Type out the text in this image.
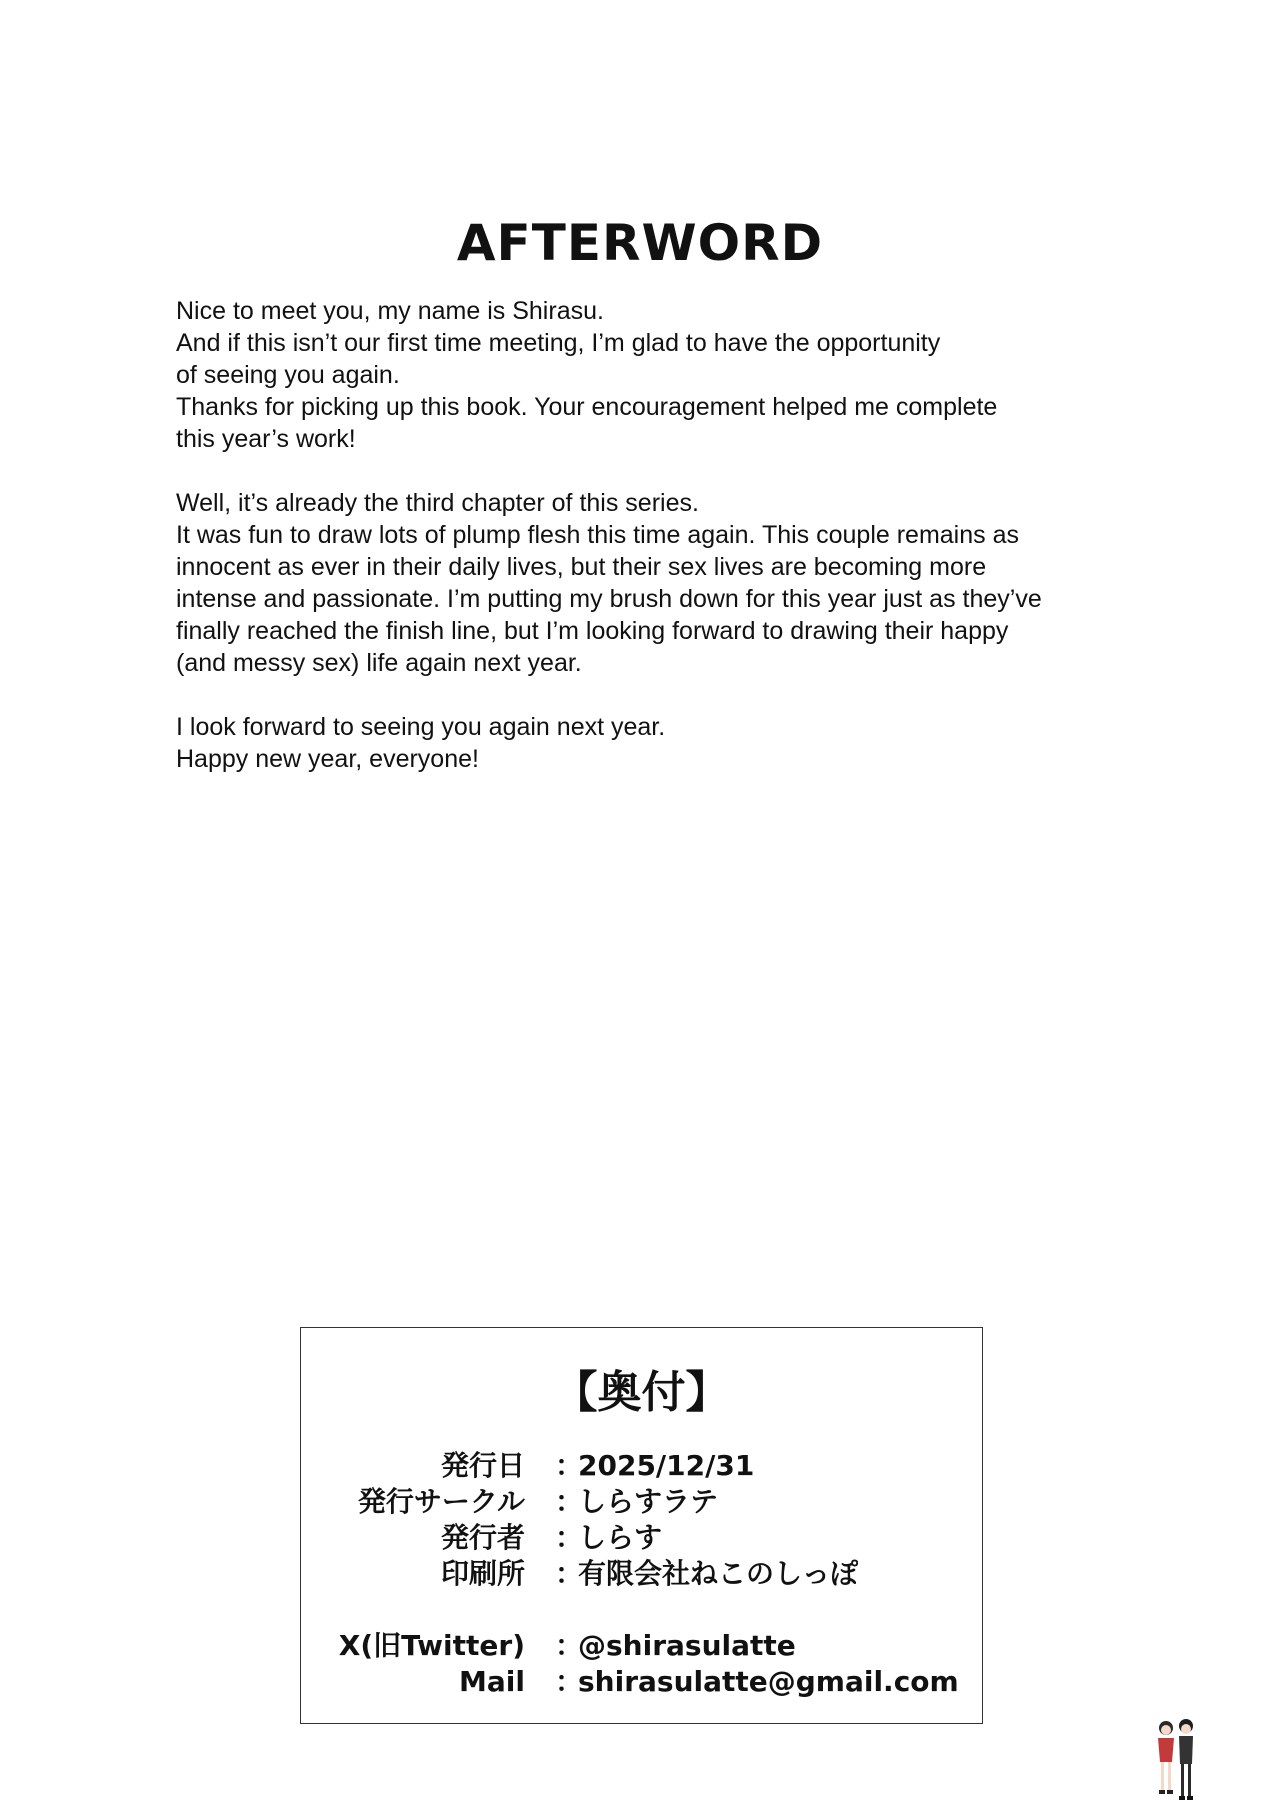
AFTERWORD

Nice to meet you, my name is Shirasu.
And if this isn’t our first time meeting, I’m glad to have the opportunity
of seeing you again.
Thanks for picking up this book. Your encouragement helped me complete
this year’s work!

Well, it’s already the third chapter of this series.
It was fun to draw lots of plump flesh this time again. This couple remains as
innocent as ever in their daily lives, but their sex lives are becoming more
intense and passionate. I’m putting my brush down for this year just as they’ve
finally reached the finish line, but I’m looking forward to drawing their happy
(and messy sex) life again next year.

I look forward to seeing you again next year.
Happy new year, everyone!

【奥付】
発行日 ：
2025/12/31
発行サークル ：
しらすラテ
発行者 ：
しらす
印刷所 ：
有限会社ねこのしっぽ
X(旧Twitter) ：
@shirasulatte
Mail ：
shirasulatte@gmail.com
